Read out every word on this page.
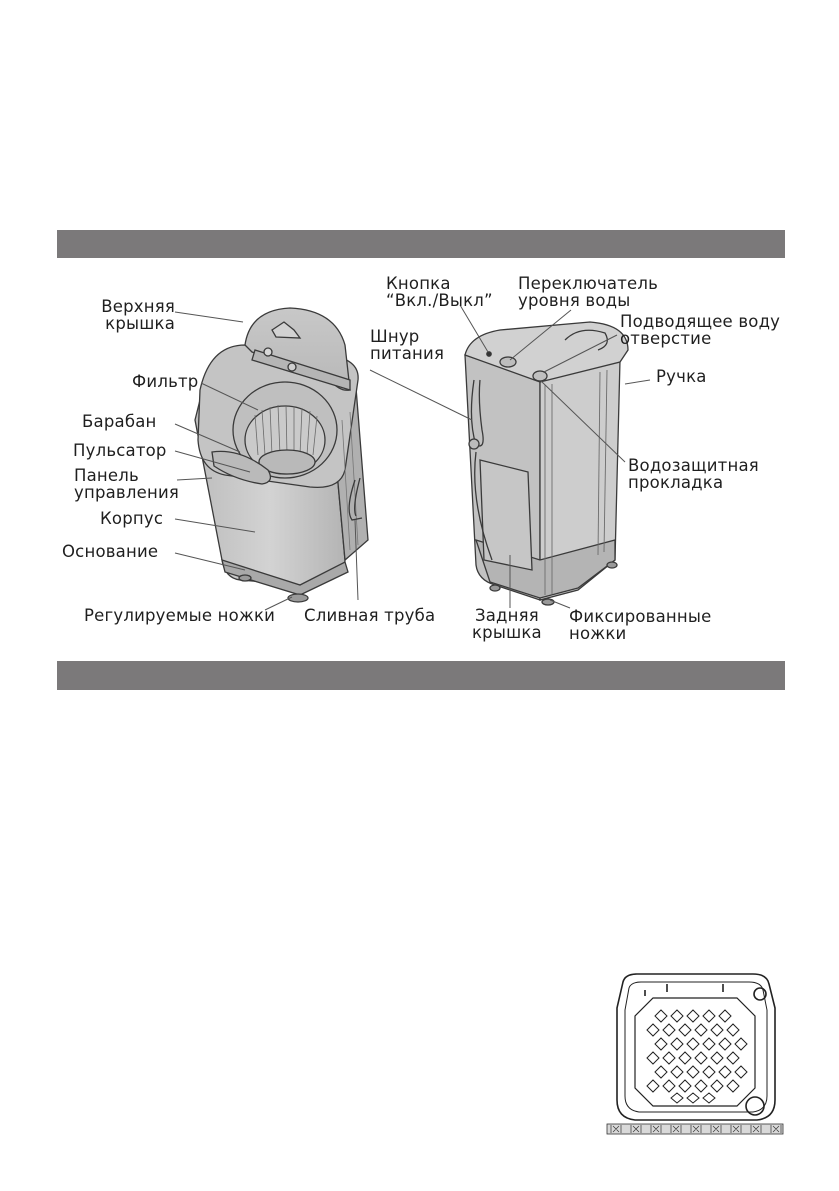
Верхняя
крышка
Фильтр
Барабан
Пульсатор
Панель
управления
Корпус
Основание
Регулируемые ножки Сливная труба
Кнопка
“Вкл./Выкл”
Переключатель
уровня воды
Шнур
питания
Подводящее воду
отверстие
Ручка
Водозащитная
прокладка
Задняя
крышка
Фиксированные
ножки
